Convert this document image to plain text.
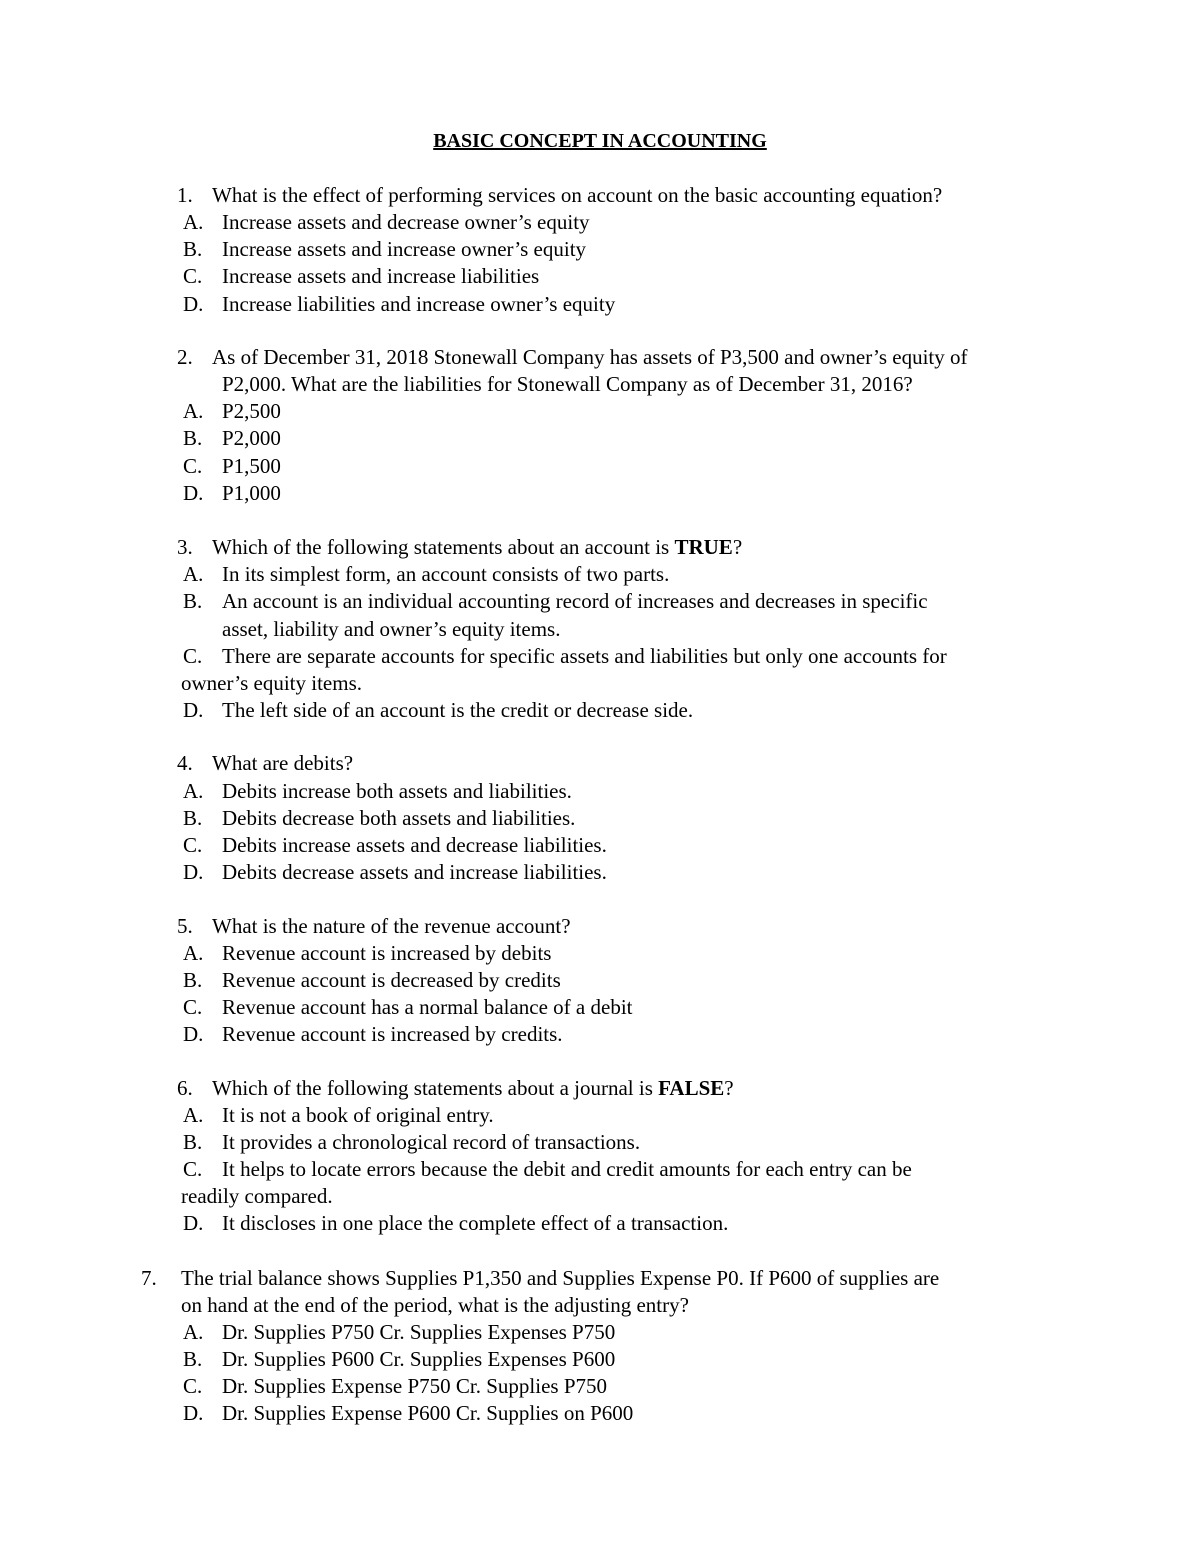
BASIC CONCEPT IN ACCOUNTING
1. What is the effect of performing services on account on the basic accounting equation?
A. Increase assets and decrease owner’s equity
B. Increase assets and increase owner’s equity
C. Increase assets and increase liabilities
D. Increase liabilities and increase owner’s equity
2. As of December 31, 2018 Stonewall Company has assets of P3,500 and owner’s equity of
P2,000. What are the liabilities for Stonewall Company as of December 31, 2016?
A. P2,500
B. P2,000
C. P1,500
D. P1,000
3. Which of the following statements about an account is TRUE?
A. In its simplest form, an account consists of two parts.
B. An account is an individual accounting record of increases and decreases in specific
asset, liability and owner’s equity items.
C. There are separate accounts for specific assets and liabilities but only one accounts for
owner’s equity items.
D. The left side of an account is the credit or decrease side.
4. What are debits?
A. Debits increase both assets and liabilities.
B. Debits decrease both assets and liabilities.
C. Debits increase assets and decrease liabilities.
D. Debits decrease assets and increase liabilities.
5. What is the nature of the revenue account?
A. Revenue account is increased by debits
B. Revenue account is decreased by credits
C. Revenue account has a normal balance of a debit
D. Revenue account is increased by credits.
6. Which of the following statements about a journal is FALSE?
A. It is not a book of original entry.
B. It provides a chronological record of transactions.
C. It helps to locate errors because the debit and credit amounts for each entry can be
readily compared.
D. It discloses in one place the complete effect of a transaction.
7. The trial balance shows Supplies P1,350 and Supplies Expense P0. If P600 of supplies are
on hand at the end of the period, what is the adjusting entry?
A. Dr. Supplies P750 Cr. Supplies Expenses P750
B. Dr. Supplies P600 Cr. Supplies Expenses P600
C. Dr. Supplies Expense P750 Cr. Supplies P750
D. Dr. Supplies Expense P600 Cr. Supplies on P600
